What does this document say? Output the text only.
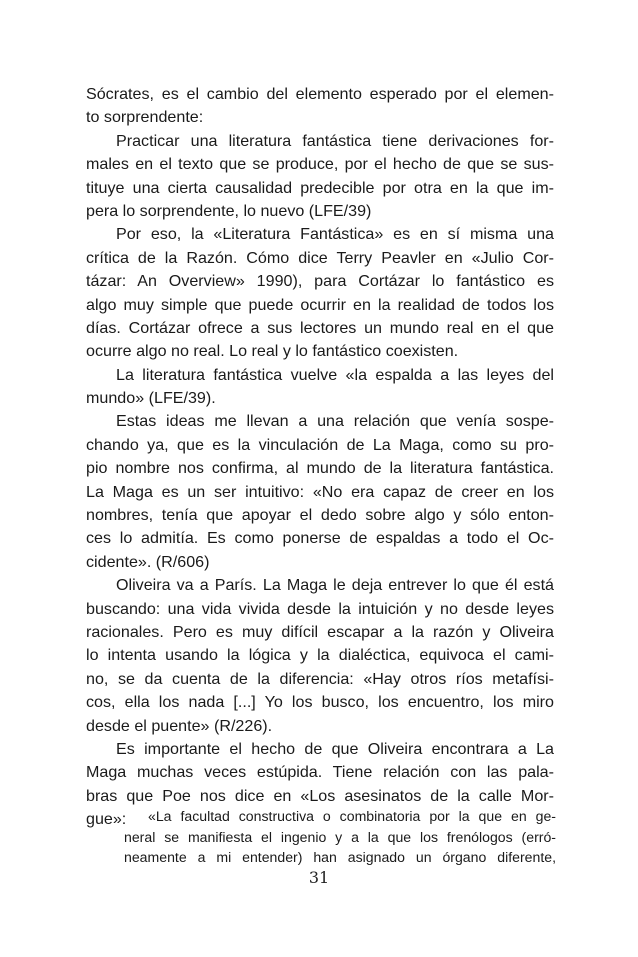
Sócrates, es el cambio del elemento esperado por el elemen-
to sorprendente:
Practicar una literatura fantástica tiene derivaciones for-
males en el texto que se produce, por el hecho de que se sus-
tituye una cierta causalidad predecible por otra en la que im-
pera lo sorprendente, lo nuevo (LFE/39)
Por eso, la «Literatura Fantástica» es en sí misma una
crítica de la Razón. Cómo dice Terry Peavler en «Julio Cor-
tázar: An Overview» 1990), para Cortázar lo fantástico es
algo muy simple que puede ocurrir en la realidad de todos los
días. Cortázar ofrece a sus lectores un mundo real en el que
ocurre algo no real. Lo real y lo fantástico coexisten.
La literatura fantástica vuelve «la espalda a las leyes del
mundo» (LFE/39).
Estas ideas me llevan a una relación que venía sospe-
chando ya, que es la vinculación de La Maga, como su pro-
pio nombre nos confirma, al mundo de la literatura fantástica.
La Maga es un ser intuitivo: «No era capaz de creer en los
nombres, tenía que apoyar el dedo sobre algo y sólo enton-
ces lo admitía. Es como ponerse de espaldas a todo el Oc-
cidente». (R/606)
Oliveira va a París. La Maga le deja entrever lo que él está
buscando: una vida vivida desde la intuición y no desde leyes
racionales. Pero es muy difícil escapar a la razón y Oliveira
lo intenta usando la lógica y la dialéctica, equivoca el cami-
no, se da cuenta de la diferencia: «Hay otros ríos metafísi-
cos, ella los nada [...] Yo los busco, los encuentro, los miro
desde el puente» (R/226).
Es importante el hecho de que Oliveira encontrara a La
Maga muchas veces estúpida. Tiene relación con las pala-
bras que Poe nos dice en «Los asesinatos de la calle Mor-
gue»:	«La facultad constructiva o combinatoria por la que en ge-
neral se manifiesta el ingenio y a la que los frenólogos (erró-
neamente a mi entender) han asignado un órgano diferente,
31
